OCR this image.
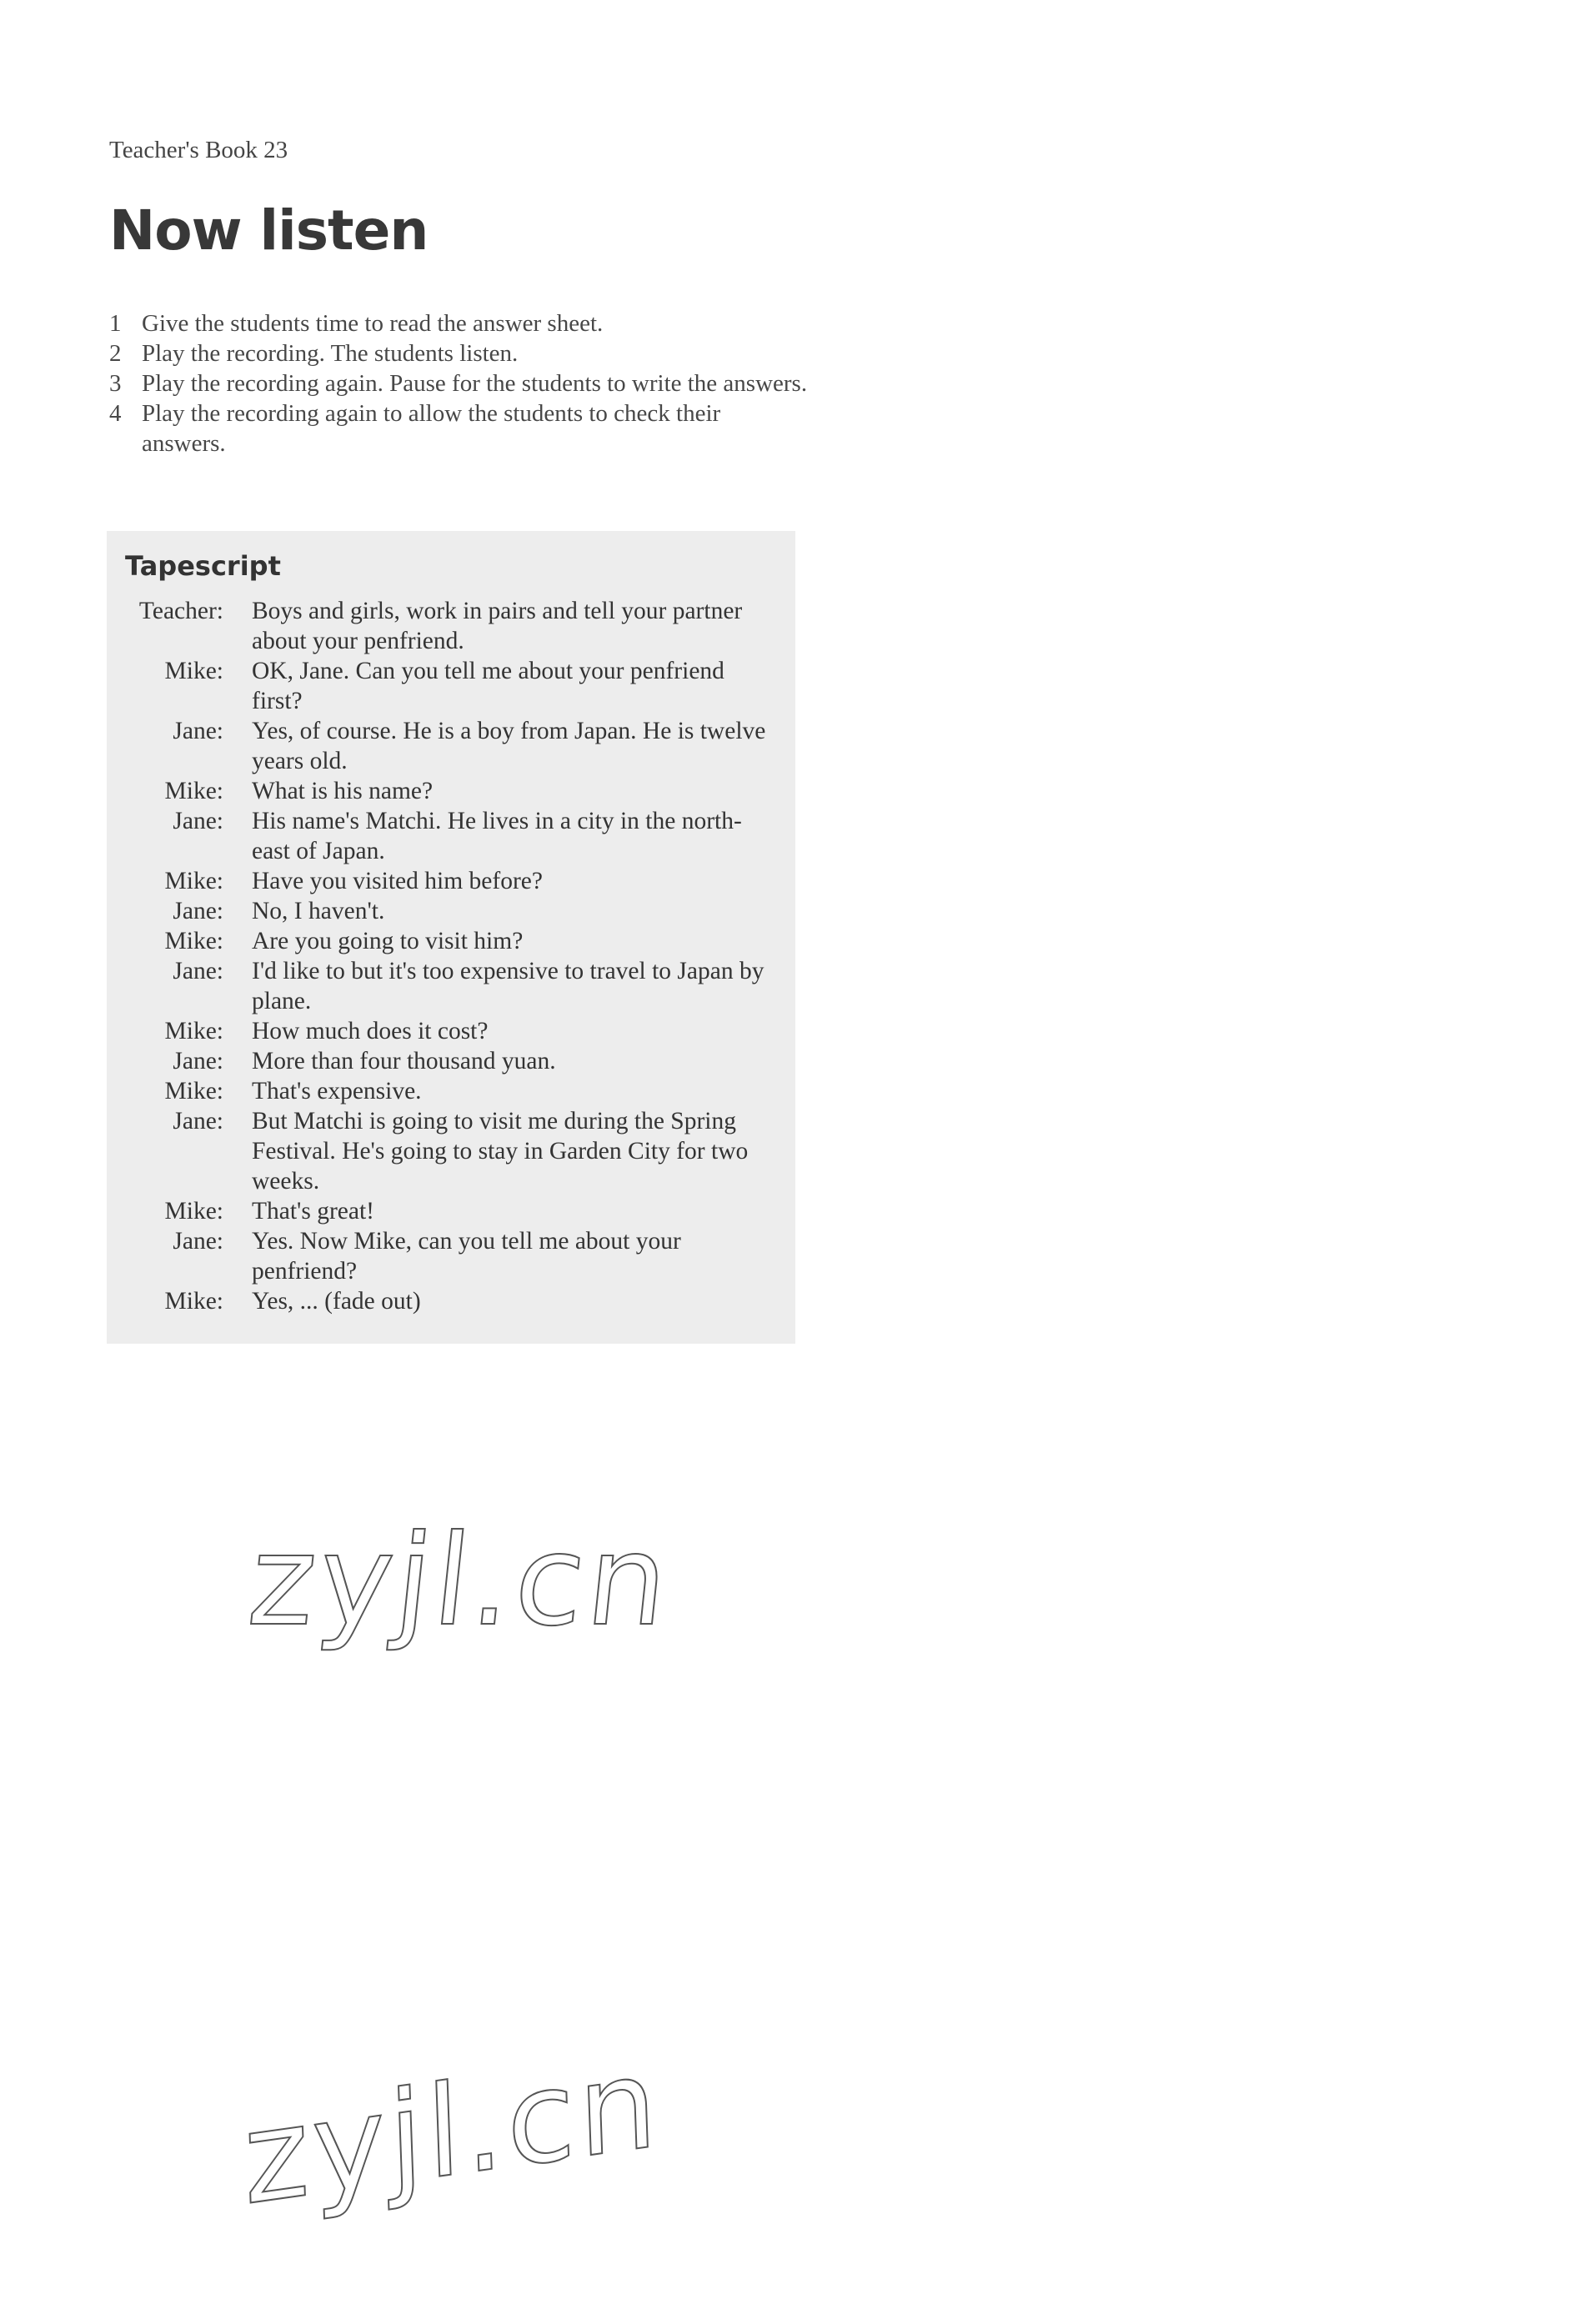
Teacher's Book 23
Now listen
1 Give the students time to read the answer sheet.
2 Play the recording. The students listen.
3 Play the recording again. Pause for the students to write the answers.
4 Play the recording again to allow the students to check their answers.
Tapescript
Teacher: Boys and girls, work in pairs and tell your partner about your penfriend.
Mike: OK, Jane. Can you tell me about your penfriend first?
Jane: Yes, of course. He is a boy from Japan. He is twelve years old.
Mike: What is his name?
Jane: His name's Matchi. He lives in a city in the north-east of Japan.
Mike: Have you visited him before?
Jane: No, I haven't.
Mike: Are you going to visit him?
Jane: I'd like to but it's too expensive to travel to Japan by plane.
Mike: How much does it cost?
Jane: More than four thousand yuan.
Mike: That's expensive.
Jane: But Matchi is going to visit me during the Spring Festival. He's going to stay in Garden City for two weeks.
Mike: That's great!
Jane: Yes. Now Mike, can you tell me about your penfriend?
Mike: Yes, ... (fade out)
zyjl.cn
zyjl.cn
